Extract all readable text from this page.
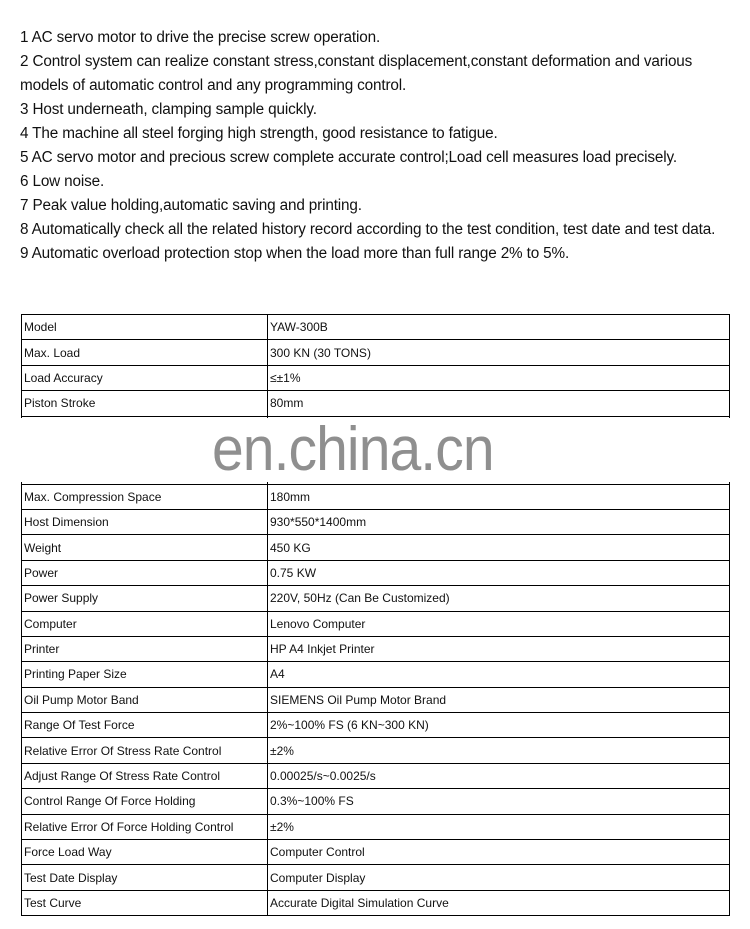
1 AC servo motor to drive the precise screw operation.
2 Control system can realize constant stress,constant displacement,constant deformation and various models of automatic control and any programming control.
3 Host underneath, clamping sample quickly.
4 The machine all steel forging high strength, good resistance to fatigue.
5 AC servo motor and precious screw complete accurate control;Load cell measures load precisely.
6 Low noise.
7 Peak value holding,automatic saving and printing.
8 Automatically check all the related history record according to the test condition, test date and test data.
9 Automatic overload protection stop when the load more than full range 2% to 5%.
Model	YAW-300B
Max. Load	300 KN (30 TONS)
Load Accuracy	≤±1%
Piston Stroke	80mm

Max. Compression Space	180mm
Host Dimension	930*550*1400mm
Weight	450 KG
Power	0.75 KW
Power Supply	220V, 50Hz (Can Be Customized)
Computer	Lenovo Computer
Printer	HP A4 Inkjet Printer
Printing Paper Size	A4
Oil Pump Motor Band	SIEMENS Oil Pump Motor Brand
Range Of Test Force	2%~100% FS (6 KN~300 KN)
Relative Error Of Stress Rate Control	±2%
Adjust Range Of Stress Rate Control	0.00025/s~0.0025/s
Control Range Of Force Holding	0.3%~100% FS
Relative Error Of Force Holding Control	±2%
Force Load Way	Computer Control
Test Date Display	Computer Display
Test Curve	Accurate Digital Simulation Curve
en.china.cn
